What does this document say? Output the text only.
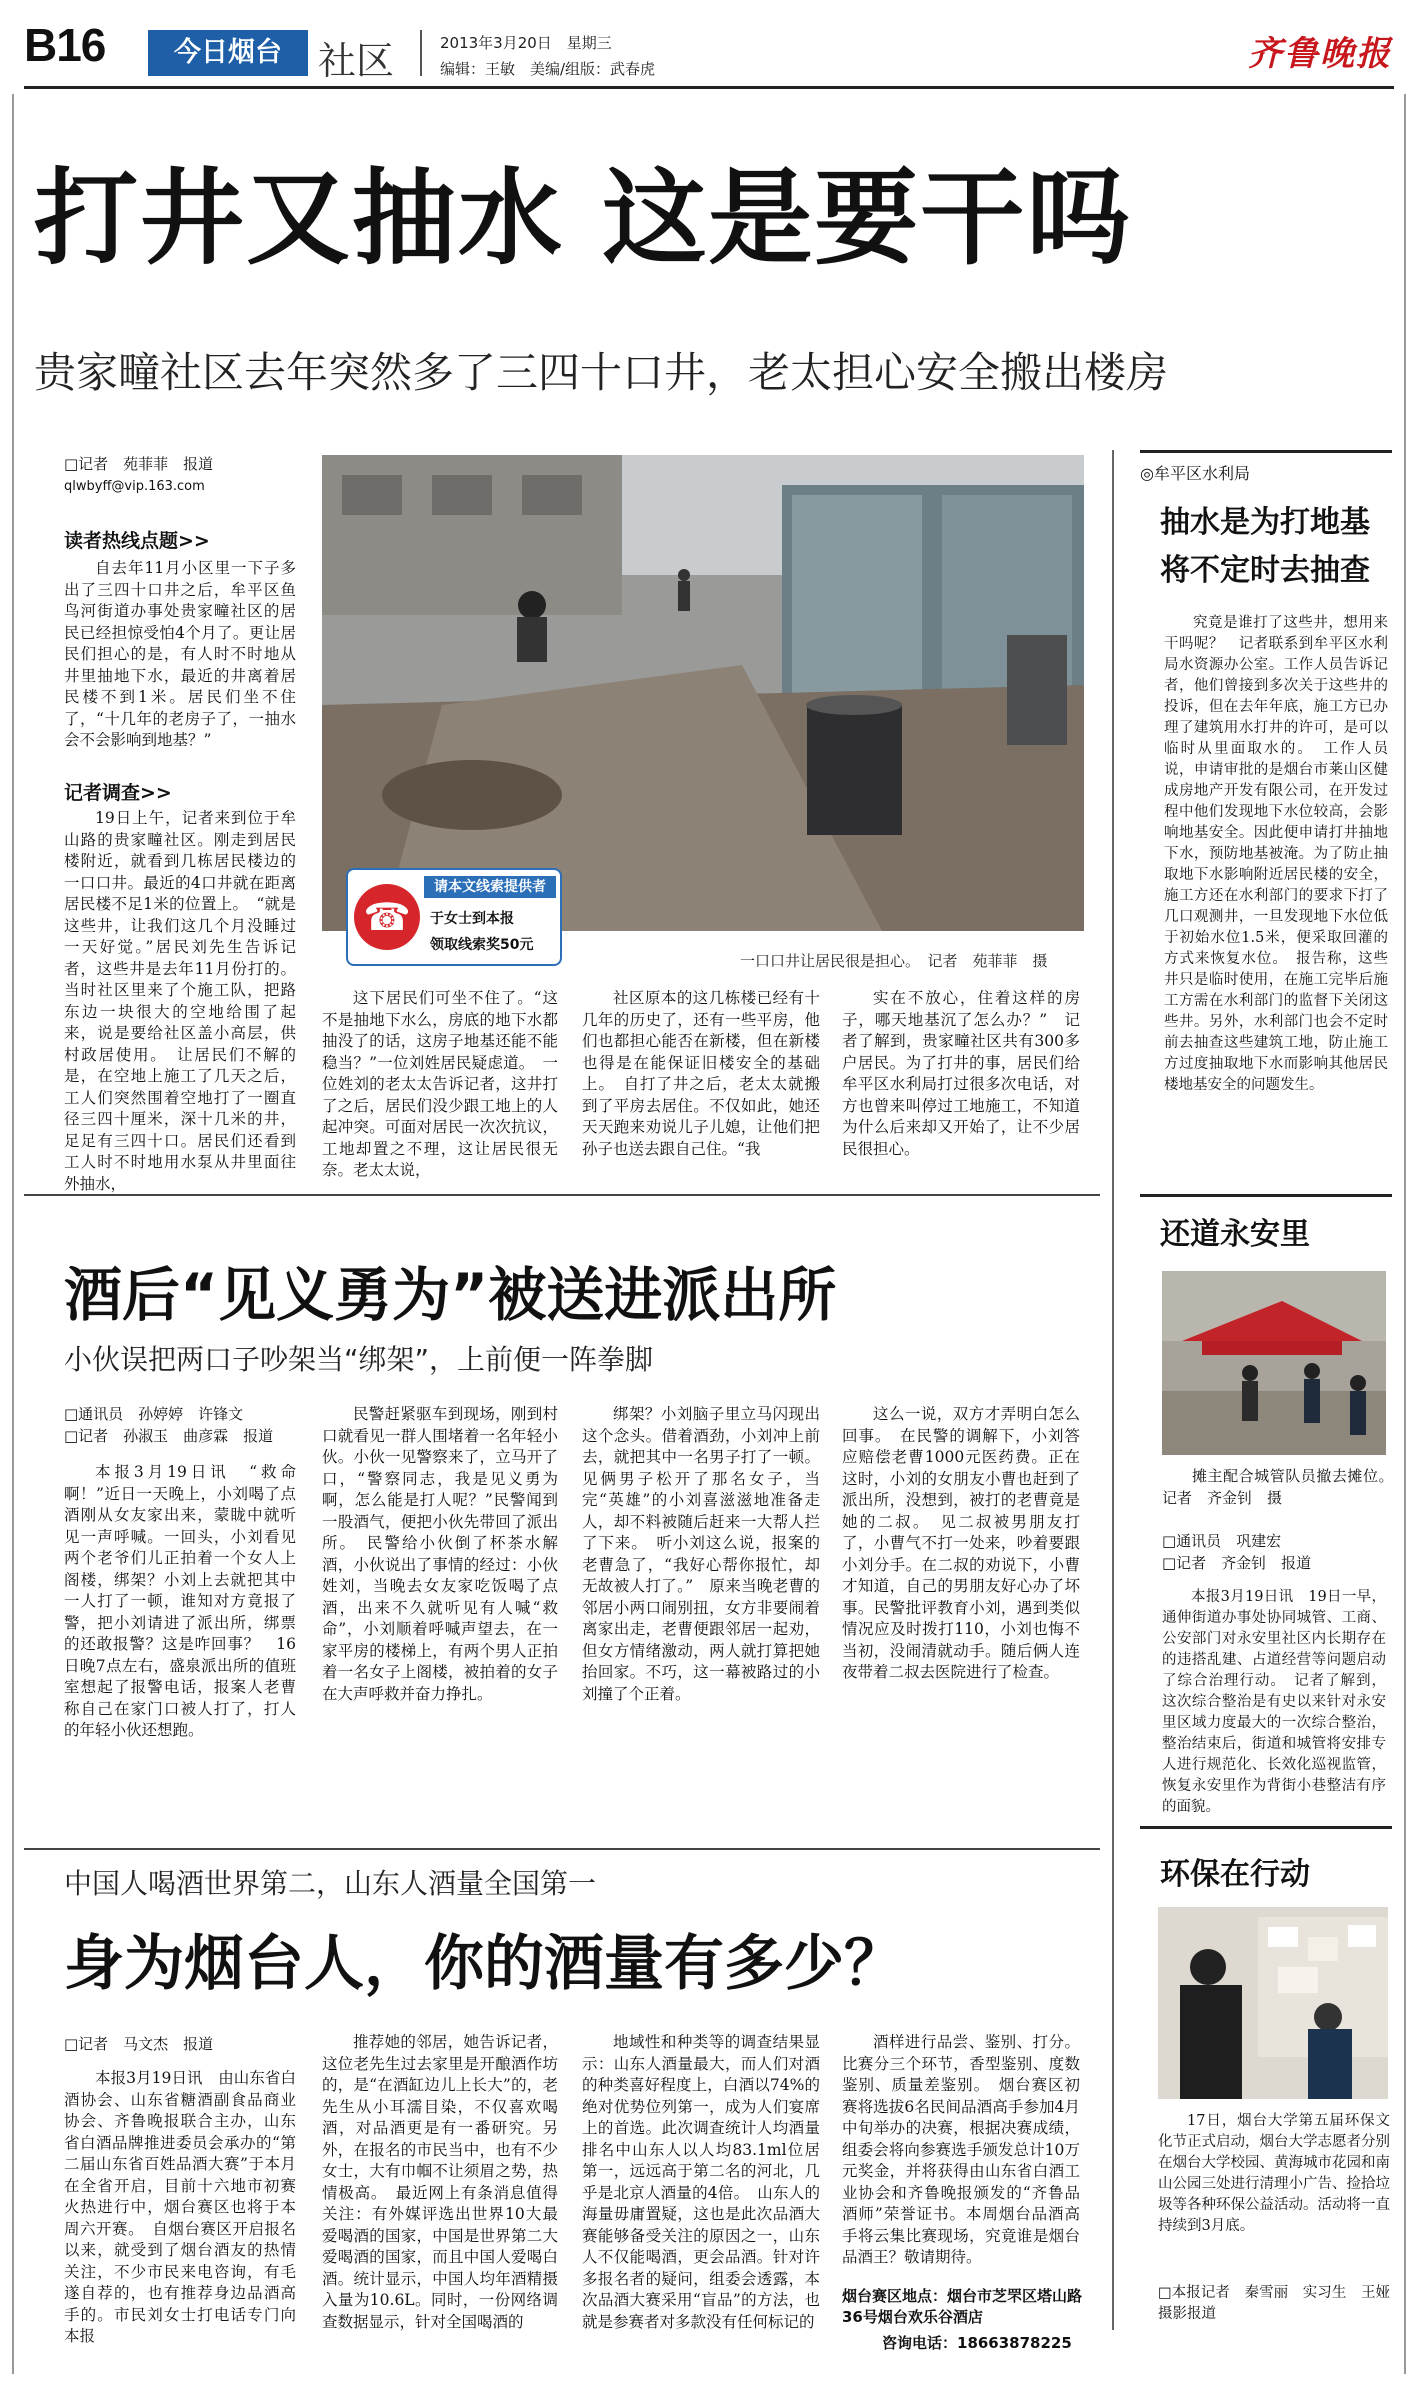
B16	今日烟台 社区	2013年3月20日　星期三
编辑：王敏　美编/组版：武春虎	齐鲁晚报
打井又抽水 这是要干吗
贵家疃社区去年突然多了三四十口井，老太担心安全搬出楼房
□记者　苑菲菲　报道
qlwbyff@vip.163.com
读者热线点题>>

自去年11月小区里一下子多出了三四十口井之后，牟平区鱼鸟河街道办事处贵家疃社区的居民已经担惊受怕4个月了。更让居民们担心的是，有人时不时地从井里抽地下水，最近的井离着居民楼不到1米。居民们坐不住了，“十几年的老房子了，一抽水会不会影响到地基？”

记者调查>>

19日上午，记者来到位于牟山路的贵家疃社区。刚走到居民楼附近，就看到几栋居民楼边的一口口井。最近的4口井就在距离居民楼不足1米的位置上。　“就是这些井，让我们这几个月没睡过一天好觉。”居民刘先生告诉记者，这些井是去年11月份打的。当时社区里来了个施工队，把路东边一块很大的空地给围了起来，说是要给社区盖小高层，供村政居使用。　让居民们不解的是，在空地上施工了几天之后，工人们突然围着空地打了一圈直径三四十厘米，深十几米的井，足足有三四十口。居民们还看到工人时不时地用水泵从井里面往外抽水，

一口口井让居民很是担心。　记者　苑菲菲　摄
☎
请本文线索提供者
于女士到本报
领取线索奖50元

这下居民们可坐不住了。“这不是抽地下水么，房底的地下水都抽没了的话，这房子地基还能不能稳当？”一位刘姓居民疑虑道。　一位姓刘的老太太告诉记者，这井打了之后，居民们没少跟工地上的人起冲突。可面对居民一次次抗议，工地却置之不理，这让居民很无奈。老太太说，

社区原本的这几栋楼已经有十几年的历史了，还有一些平房，他们也都担心能否在新楼，但在新楼也得是在能保证旧楼安全的基础上。　自打了井之后，老太太就搬到了平房去居住。不仅如此，她还天天跑来劝说儿子儿媳，让他们把孙子也送去跟自己住。“我

实在不放心，住着这样的房子，哪天地基沉了怎么办？”　记者了解到，贵家疃社区共有300多户居民。为了打井的事，居民们给牟平区水利局打过很多次电话，对方也曾来叫停过工地施工，不知道为什么后来却又开始了，让不少居民很担心。

◎牟平区水利局
抽水是为打地基
将不定时去抽查

究竟是谁打了这些井，想用来干吗呢？　记者联系到牟平区水利局水资源办公室。工作人员告诉记者，他们曾接到多次关于这些井的投诉，但在去年年底，施工方已办理了建筑用水打井的许可，是可以临时从里面取水的。　工作人员说，申请审批的是烟台市莱山区健成房地产开发有限公司，在开发过程中他们发现地下水位较高，会影响地基安全。因此便申请打井抽地下水，预防地基被淹。为了防止抽取地下水影响附近居民楼的安全，施工方还在水利部门的要求下打了几口观测井，一旦发现地下水位低于初始水位1.5米，便采取回灌的方式来恢复水位。　报告称，这些井只是临时使用，在施工完毕后施工方需在水利部门的监督下关闭这些井。另外，水利部门也会不定时前去抽查这些建筑工地，防止施工方过度抽取地下水而影响其他居民楼地基安全的问题发生。

酒后“见义勇为”被送进派出所
小伙误把两口子吵架当“绑架”，上前便一阵拳脚
□通讯员　孙婷婷　许锋文
□记者　孙淑玉　曲彦霖　报道

本报3月19日讯　“救命啊！”近日一天晚上，小刘喝了点酒刚从女友家出来，蒙眬中就听见一声呼喊。一回头，小刘看见两个老爷们儿正拍着一个女人上阁楼，绑架？小刘上去就把其中一人打了一顿，谁知对方竟报了警，把小刘请进了派出所，绑票的还敢报警？这是咋回事？　16日晚7点左右，盛泉派出所的值班室想起了报警电话，报案人老曹称自己在家门口被人打了，打人的年轻小伙还想跑。

民警赶紧驱车到现场，刚到村口就看见一群人围堵着一名年轻小伙。小伙一见警察来了，立马开了口，“警察同志，我是见义勇为啊，怎么能是打人呢？”民警闻到一股酒气，便把小伙先带回了派出所。　民警给小伙倒了杯茶水解酒，小伙说出了事情的经过：小伙姓刘，当晚去女友家吃饭喝了点酒，出来不久就听见有人喊“救命”，小刘顺着呼喊声望去，在一家平房的楼梯上，有两个男人正拍着一名女子上阁楼，被拍着的女子在大声呼救并奋力挣扎。

绑架？小刘脑子里立马闪现出这个念头。借着酒劲，小刘冲上前去，就把其中一名男子打了一顿。见俩男子松开了那名女子，当完“英雄”的小刘喜滋滋地准备走人，却不料被随后赶来一大帮人拦了下来。　听小刘这么说，报案的老曹急了，“我好心帮你报忙，却无故被人打了。”　原来当晚老曹的邻居小两口闹别扭，女方非要闹着离家出走，老曹便跟邻居一起劝，但女方情绪激动，两人就打算把她抬回家。不巧，这一幕被路过的小刘撞了个正着。

这么一说，双方才弄明白怎么回事。　在民警的调解下，小刘答应赔偿老曹1000元医药费。正在这时，小刘的女朋友小曹也赶到了派出所，没想到，被打的老曹竟是她的二叔。　见二叔被男朋友打了，小曹气不打一处来，吵着要跟小刘分手。在二叔的劝说下，小曹才知道，自己的男朋友好心办了坏事。民警批评教育小刘，遇到类似情况应及时拨打110，小刘也悔不当初，没闹清就动手。随后俩人连夜带着二叔去医院进行了检查。

还道永安里

摊主配合城管队员撤去摊位。　记者　齐金钊　摄

□通讯员　巩建宏
□记者　齐金钊　报道

本报3月19日讯　19日一早，通伸街道办事处协同城管、工商、公安部门对永安里社区内长期存在的违搭乱建、占道经营等问题启动了综合治理行动。　记者了解到，这次综合整治是有史以来针对永安里区域力度最大的一次综合整治，整治结束后，街道和城管将安排专人进行规范化、长效化巡视监管，恢复永安里作为背街小巷整洁有序的面貌。

中国人喝酒世界第二，山东人酒量全国第一
身为烟台人，你的酒量有多少？
□记者　马文杰　报道

本报3月19日讯　由山东省白酒协会、山东省糖酒副食品商业协会、齐鲁晚报联合主办，山东省白酒品牌推进委员会承办的“第二届山东省百姓品酒大赛”于本月在全省开启，目前十六地市初赛火热进行中，烟台赛区也将于本周六开赛。　自烟台赛区开启报名以来，就受到了烟台酒友的热情关注，不少市民来电咨询，有毛遂自荐的，也有推荐身边品酒高手的。市民刘女士打电话专门向本报

推荐她的邻居，她告诉记者，这位老先生过去家里是开酿酒作坊的，是“在酒缸边儿上长大”的，老先生从小耳濡目染，不仅喜欢喝酒，对品酒更是有一番研究。另外，在报名的市民当中，也有不少女士，大有巾帼不让须眉之势，热情极高。　最近网上有条消息值得关注：有外媒评选出世界10大最爱喝酒的国家，中国是世界第二大爱喝酒的国家，而且中国人爱喝白酒。统计显示，中国人均年酒精摄入量为10.6L。同时，一份网络调查数据显示，针对全国喝酒的

地域性和种类等的调查结果显示：山东人酒量最大，而人们对酒的种类喜好程度上，白酒以74%的绝对优势位列第一，成为人们宴席上的首选。此次调查统计人均酒量排名中山东人以人均83.1ml位居第一，远远高于第二名的河北，几乎是北京人酒量的4倍。　山东人的海量毋庸置疑，这也是此次品酒大赛能够备受关注的原因之一，山东人不仅能喝酒，更会品酒。针对许多报名者的疑问，组委会透露，本次品酒大赛采用“盲品”的方法，也就是参赛者对多款没有任何标记的

酒样进行品尝、鉴别、打分。比赛分三个环节，香型鉴别、度数鉴别、质量差鉴别。　烟台赛区初赛将选拔6名民间品酒高手参加4月中旬举办的决赛，根据决赛成绩，组委会将向参赛选手颁发总计10万元奖金，并将获得由山东省白酒工业协会和齐鲁晚报颁发的“齐鲁品酒师”荣誉证书。本周烟台品酒高手将云集比赛现场，究竟谁是烟台品酒王？敬请期待。

烟台赛区地点：烟台市芝罘区塔山路36号烟台欢乐谷酒店
咨询电话：18663878225
环保在行动

17日，烟台大学第五届环保文化节正式启动，烟台大学志愿者分别在烟台大学校园、黄海城市花园和南山公园三处进行清理小广告、捡拾垃圾等各种环保公益活动。活动将一直持续到3月底。

□本报记者　秦雪丽　实习生　王娅　摄影报道
